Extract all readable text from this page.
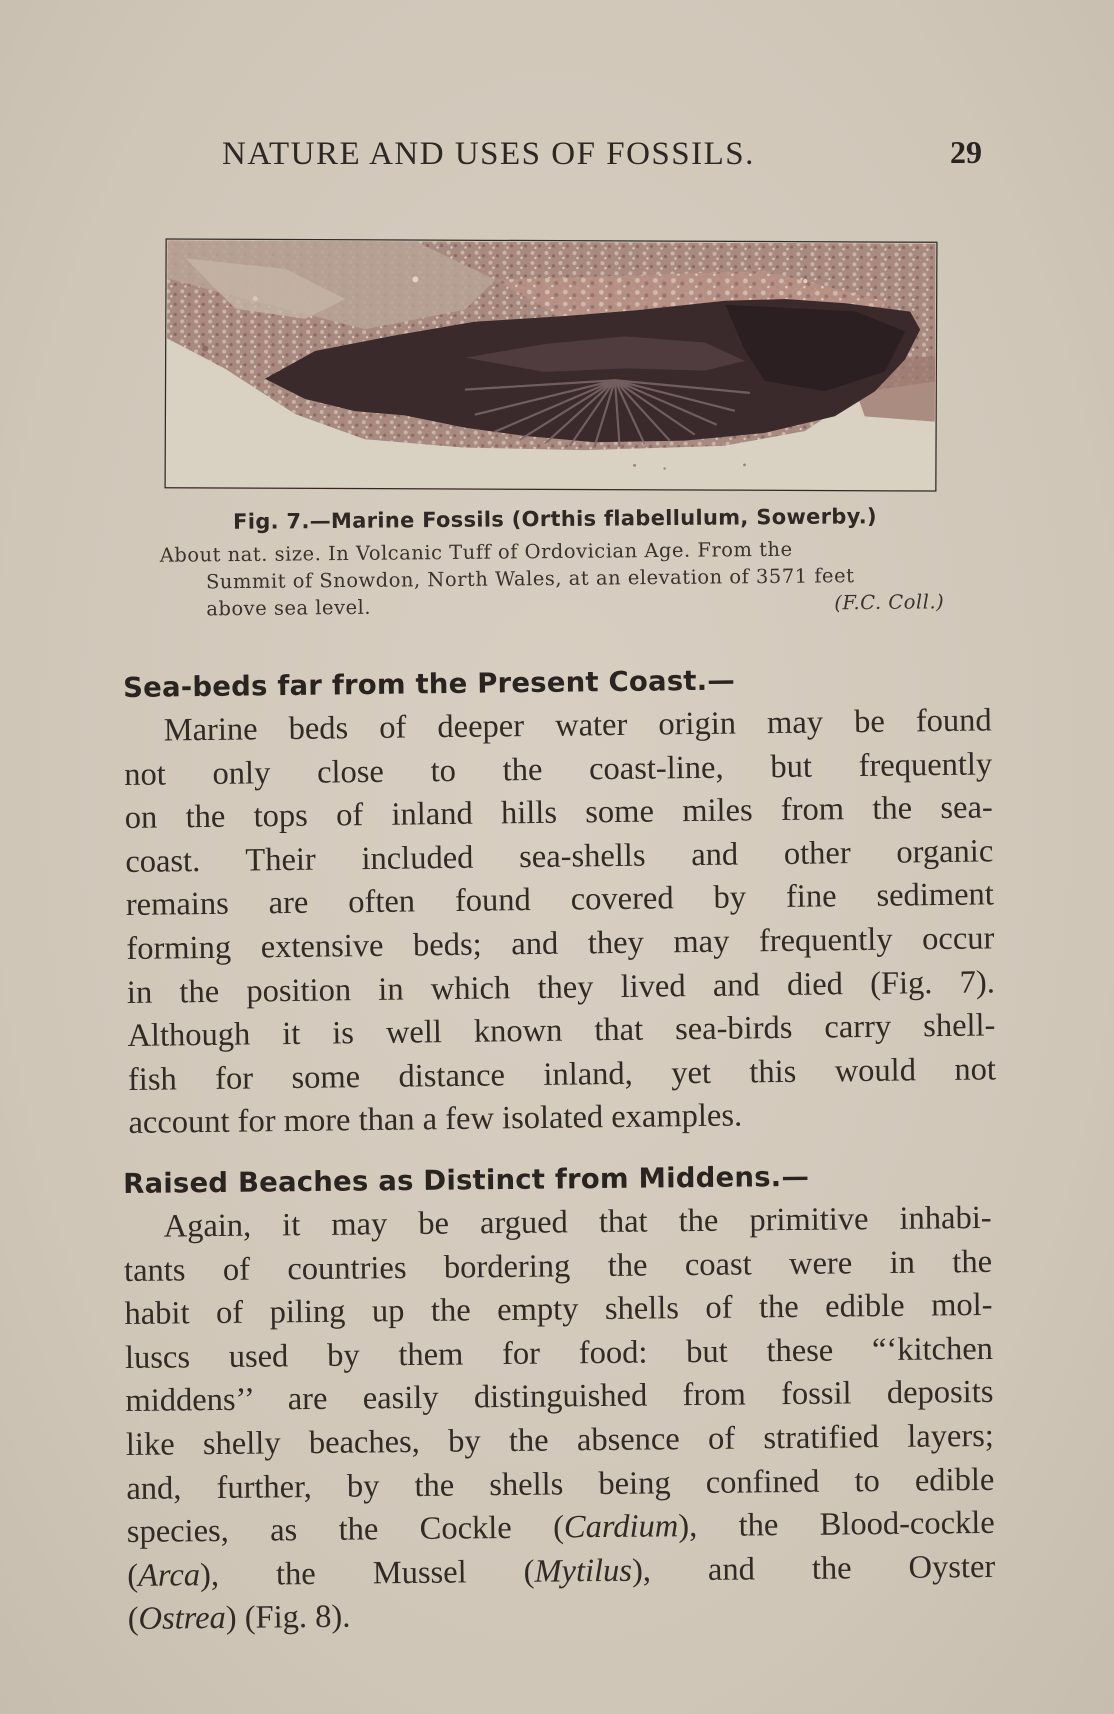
NATURE AND USES OF FOSSILS.	29
Fig. 7.—Marine Fossils (Orthis flabellulum, Sowerby.)
About nat. size. In Volcanic Tuff of Ordovician Age. From the
Summit of Snowdon, North Wales, at an elevation of 3571 feet
above sea level.	(F.C. Coll.)
Sea-beds far from the Present Coast.—
Marine beds of deeper water origin may be found
not only close to the coast-line, but frequently
on the tops of inland hills some miles from the sea-
coast. Their included sea-shells and other organic
remains are often found covered by fine sediment
forming extensive beds; and they may frequently occur
in the position in which they lived and died (Fig. 7).
Although it is well known that sea-birds carry shell-
fish for some distance inland, yet this would not
account for more than a few isolated examples.
Raised Beaches as Distinct from Middens.—
Again, it may be argued that the primitive inhabi-
tants of countries bordering the coast were in the
habit of piling up the empty shells of the edible mol-
luscs used by them for food: but these “‘kitchen
middens’’ are easily distinguished from fossil deposits
like shelly beaches, by the absence of stratified layers;
and, further, by the shells being confined to edible
species, as the Cockle (Cardium), the Blood-cockle
(Arca), the Mussel (Mytilus), and the Oyster
(Ostrea) (Fig. 8).
